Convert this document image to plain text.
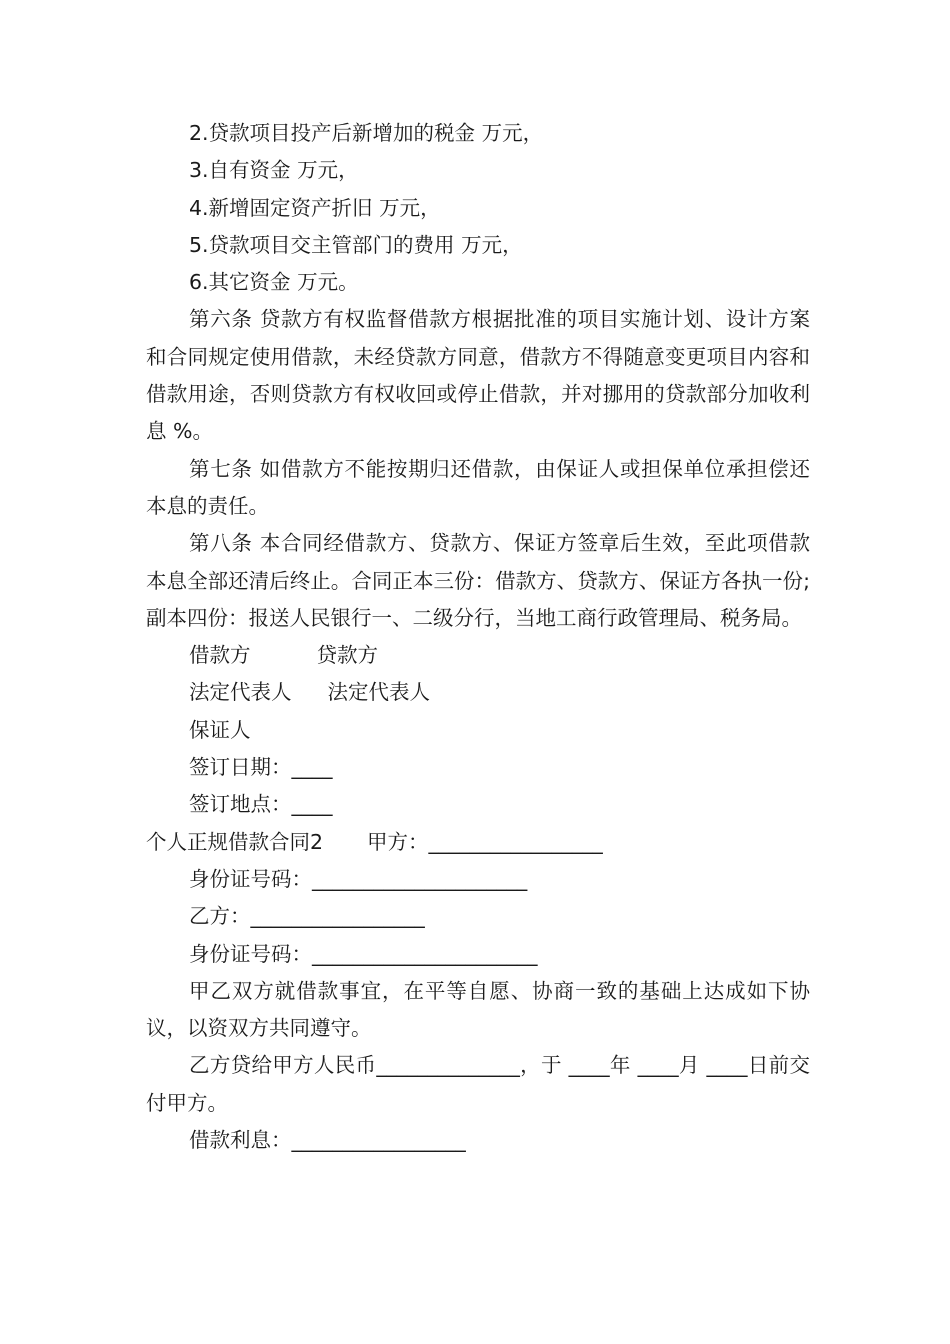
2.贷款项目投产后新增加的税金 万元，

3.自有资金 万元，

4.新增固定资产折旧 万元，

5.贷款项目交主管部门的费用 万元，

6.其它资金 万元。

第六条 贷款方有权监督借款方根据批准的项目实施计划、设计方案和合同规定使用借款，未经贷款方同意，借款方不得随意变更项目内容和借款用途，否则贷款方有权收回或停止借款，并对挪用的贷款部分加收利息 %。

第七条 如借款方不能按期归还借款，由保证人或担保单位承担偿还本息的责任。

第八条 本合同经借款方、贷款方、保证方签章后生效，至此项借款本息全部还清后终止。合同正本三份：借款方、贷款方、保证方各执一份;副本四份：报送人民银行一、二级分行，当地工商行政管理局、税务局。

借款方	贷款方

法定代表人 法定代表人

保证人

签订日期：____

签订地点：____

个人正规借款合同2 甲方：_________________

身份证号码：_____________________

乙方：_________________

身份证号码：______________________

甲乙双方就借款事宜，在平等自愿、协商一致的基础上达成如下协议，以资双方共同遵守。

乙方贷给甲方人民币______________，于 ____年 ____月 ____日前交付甲方。

借款利息：_________________
